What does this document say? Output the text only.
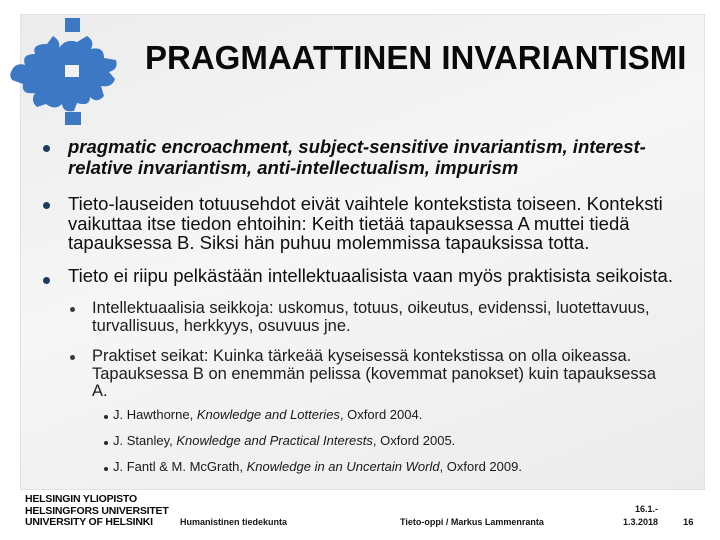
PRAGMAATTINEN INVARIANTISMI
pragmatic encroachment, subject-sensitive invariantism, interest-relative invariantism, anti-intellectualism, impurism
Tieto-lauseiden totuusehdot eivät vaihtele kontekstista toiseen. Konteksti vaikuttaa itse tiedon ehtoihin: Keith tietää tapauksessa A muttei tiedä tapauksessa B. Siksi hän puhuu molemmissa tapauksissa totta.
Tieto ei riipu pelkästään intellektuaalisista vaan myös praktisista seikoista.
Intellektuaalisia seikkoja: uskomus, totuus, oikeutus, evidenssi, luotettavuus, turvallisuus, herkkyys, osuvuus jne.
Praktiset seikat: Kuinka tärkeää kyseisessä kontekstissa on olla oikeassa. Tapauksessa B on enemmän pelissa (kovemmat panokset) kuin tapauksessa A.
J. Hawthorne, Knowledge and Lotteries, Oxford 2004.
J. Stanley, Knowledge and Practical Interests, Oxford 2005.
J. Fantl & M. McGrath, Knowledge in an Uncertain World, Oxford 2009.
HELSINGIN YLIOPISTO
HELSINGFORS UNIVERSITET
UNIVERSITY OF HELSINKI	Humanistinen tiedekunta	Tieto-oppi / Markus Lammenranta
16.1.-
1.3.2018	16
